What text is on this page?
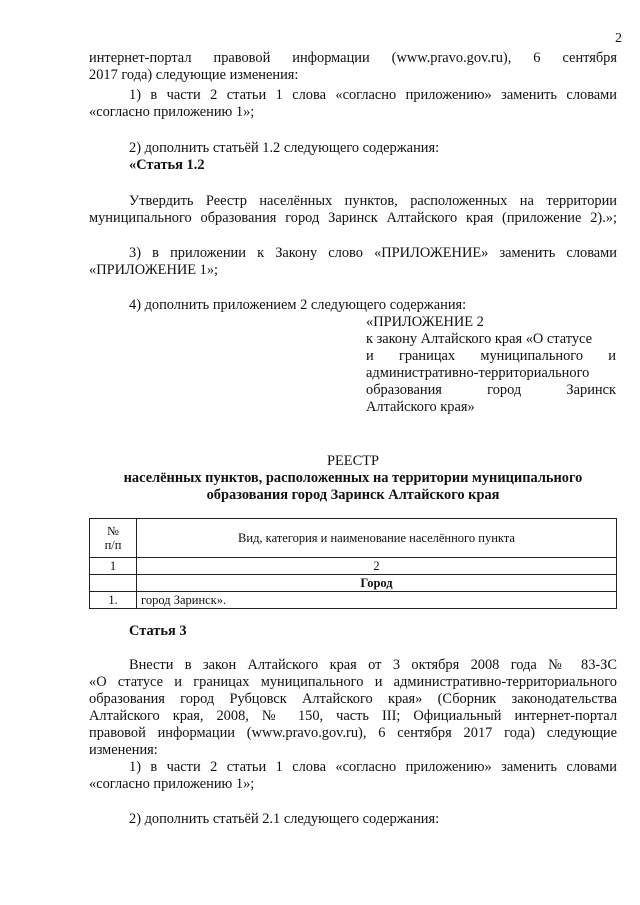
2

интернет-портал правовой информации (www.pravo.gov.ru), 6 сентября

2017 года) следующие изменения:

1) в части 2 статьи 1 слова «согласно приложению» заменить словами

«согласно приложению 1»;

2) дополнить статьёй 1.2 следующего содержания:

«Статья 1.2

Утвердить Реестр населённых пунктов, расположенных на территории

муниципального образования город Заринск Алтайского края (приложение 2).»;

3) в приложении к Закону слово «ПРИЛОЖЕНИЕ» заменить словами

«ПРИЛОЖЕНИЕ 1»;

4) дополнить приложением 2 следующего содержания:

«ПРИЛОЖЕНИЕ 2

к закону Алтайского края «О статусе

и границах муниципального и

административно-территориального

образования город Заринск

Алтайского края»

РЕЕСТР

населённых пунктов, расположенных на территории муниципального

образования город Заринск Алтайского края

№
п/п	Вид, категория и наименование населённого пункта
1	2
	Город
1.	город Заринск».

Статья 3

Внести в закон Алтайского края от 3 октября 2008 года № 83-ЗС

«О статусе и границах муниципального и административно-территориального

образования город Рубцовск Алтайского края» (Сборник законодательства

Алтайского края, 2008, № 150, часть III; Официальный интернет-портал

правовой информации (www.pravo.gov.ru), 6 сентября 2017 года) следующие

изменения:

1) в части 2 статьи 1 слова «согласно приложению» заменить словами

«согласно приложению 1»;

2) дополнить статьёй 2.1 следующего содержания:
